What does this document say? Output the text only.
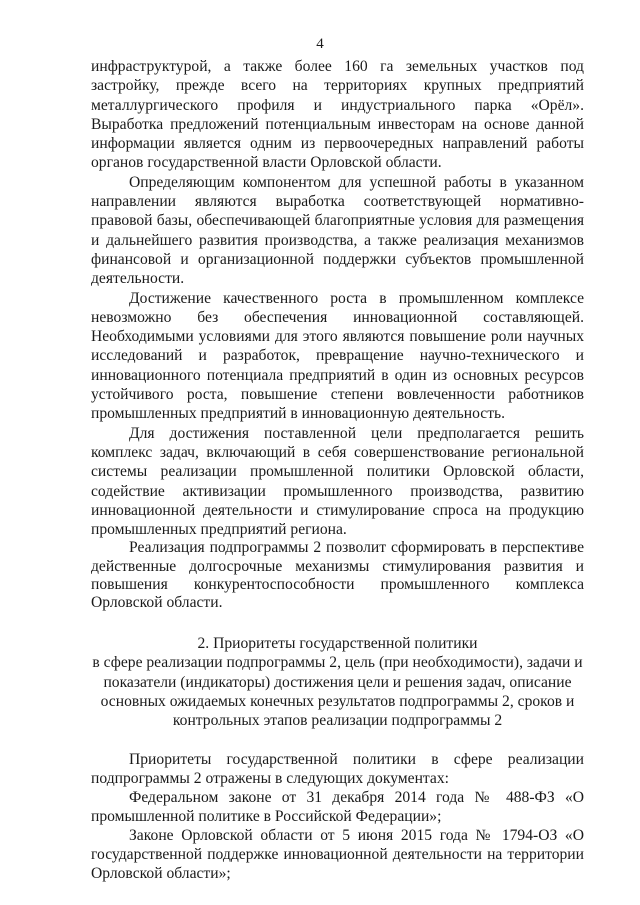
4

инфраструктурой, а также более 160 га земельных участков под застройку, прежде всего на территориях крупных предприятий металлургического профиля и индустриального парка «Орёл». Выработка предложений потенциальным инвесторам на основе данной информации является одним из первоочередных направлений работы органов государственной власти Орловской области.

Определяющим компонентом для успешной работы в указанном направлении являются выработка соответствующей нормативно-правовой базы, обеспечивающей благоприятные условия для размещения и дальнейшего развития производства, а также реализация механизмов финансовой и организационной поддержки субъектов промышленной деятельности.

Достижение качественного роста в промышленном комплексе невозможно без обеспечения инновационной составляющей. Необходимыми условиями для этого являются повышение роли научных исследований и разработок, превращение научно-технического и инновационного потенциала предприятий в один из основных ресурсов устойчивого роста, повышение степени вовлеченности работников промышленных предприятий в инновационную деятельность.

Для достижения поставленной цели предполагается решить комплекс задач, включающий в себя совершенствование региональной системы реализации промышленной политики Орловской области, содействие активизации промышленного производства, развитию инновационной деятельности и стимулирование спроса на продукцию промышленных предприятий региона.

Реализация подпрограммы 2 позволит сформировать в перспективе действенные долгосрочные механизмы стимулирования развития и повышения конкурентоспособности промышленного комплекса Орловской области.

2. Приоритеты государственной политики
в сфере реализации подпрограммы 2, цель (при необходимости), задачи и
показатели (индикаторы) достижения цели и решения задач, описание
основных ожидаемых конечных результатов подпрограммы 2, сроков и
контрольных этапов реализации подпрограммы 2

Приоритеты государственной политики в сфере реализации подпрограммы 2 отражены в следующих документах:

Федеральном законе от 31 декабря 2014 года № 488-ФЗ «О промышленной политике в Российской Федерации»;

Законе Орловской области от 5 июня 2015 года № 1794-ОЗ «О государственной поддержке инновационной деятельности на территории Орловской области»;
